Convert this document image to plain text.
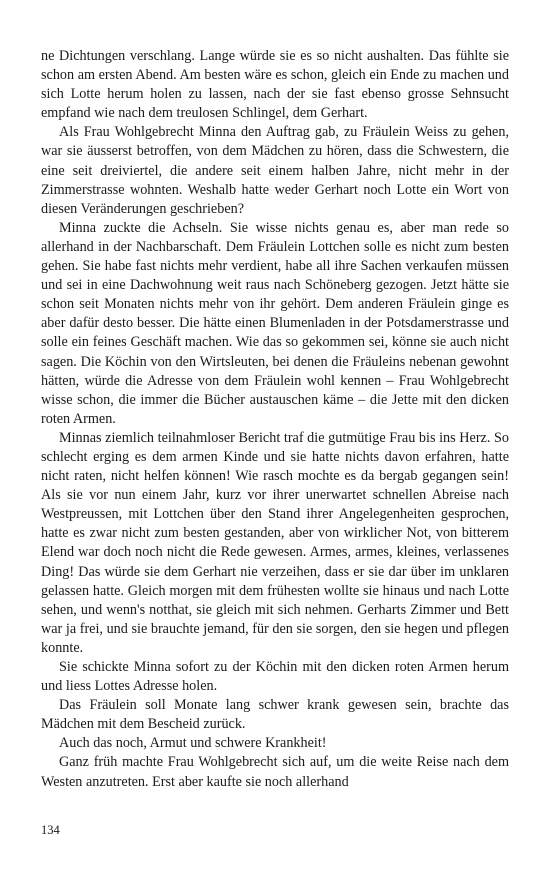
ne Dichtungen verschlang. Lange würde sie es so nicht aushalten. Das fühlte sie schon am ersten Abend. Am besten wäre es schon, gleich ein Ende zu machen und sich Lotte herum holen zu lassen, nach der sie fast ebenso grosse Sehnsucht empfand wie nach dem treulosen Schlingel, dem Gerhart.

Als Frau Wohlgebrecht Minna den Auftrag gab, zu Fräulein Weiss zu gehen, war sie äusserst betroffen, von dem Mädchen zu hören, dass die Schwestern, die eine seit dreiviertel, die andere seit einem halben Jahre, nicht mehr in der Zimmerstrasse wohnten. Weshalb hatte weder Gerhart noch Lotte ein Wort von diesen Veränderungen geschrieben?

Minna zuckte die Achseln. Sie wisse nichts genau es, aber man rede so allerhand in der Nachbarschaft. Dem Fräulein Lottchen solle es nicht zum besten gehen. Sie habe fast nichts mehr verdient, habe all ihre Sachen verkaufen müssen und sei in eine Dachwohnung weit raus nach Schöneberg gezogen. Jetzt hätte sie schon seit Monaten nichts mehr von ihr gehört. Dem anderen Fräulein ginge es aber dafür desto besser. Die hätte einen Blumenladen in der Potsdamerstrasse und solle ein feines Geschäft machen. Wie das so gekommen sei, könne sie auch nicht sagen. Die Köchin von den Wirtsleuten, bei denen die Fräuleins nebenan gewohnt hätten, würde die Adresse von dem Fräulein wohl kennen – Frau Wohlgebrecht wisse schon, die immer die Bücher austauschen käme – die Jette mit den dicken roten Armen.

Minnas ziemlich teilnahmloser Bericht traf die gutmütige Frau bis ins Herz. So schlecht erging es dem armen Kinde und sie hatte nichts davon erfahren, hatte nicht raten, nicht helfen können! Wie rasch mochte es da bergab gegangen sein! Als sie vor nun einem Jahr, kurz vor ihrer unerwartet schnellen Abreise nach Westpreussen, mit Lottchen über den Stand ihrer Angelegenheiten gesprochen, hatte es zwar nicht zum besten gestanden, aber von wirklicher Not, von bitterem Elend war doch noch nicht die Rede gewesen. Armes, armes, kleines, verlassenes Ding! Das würde sie dem Gerhart nie verzeihen, dass er sie dar über im unklaren gelassen hatte. Gleich morgen mit dem frühesten wollte sie hinaus und nach Lotte sehen, und wenn's notthat, sie gleich mit sich nehmen. Gerharts Zimmer und Bett war ja frei, und sie brauchte jemand, für den sie sorgen, den sie hegen und pflegen konnte.

Sie schickte Minna sofort zu der Köchin mit den dicken roten Armen herum und liess Lottes Adresse holen.

Das Fräulein soll Monate lang schwer krank gewesen sein, brachte das Mädchen mit dem Bescheid zurück.

Auch das noch, Armut und schwere Krankheit!

Ganz früh machte Frau Wohlgebrecht sich auf, um die weite Reise nach dem Westen anzutreten. Erst aber kaufte sie noch allerhand

134
